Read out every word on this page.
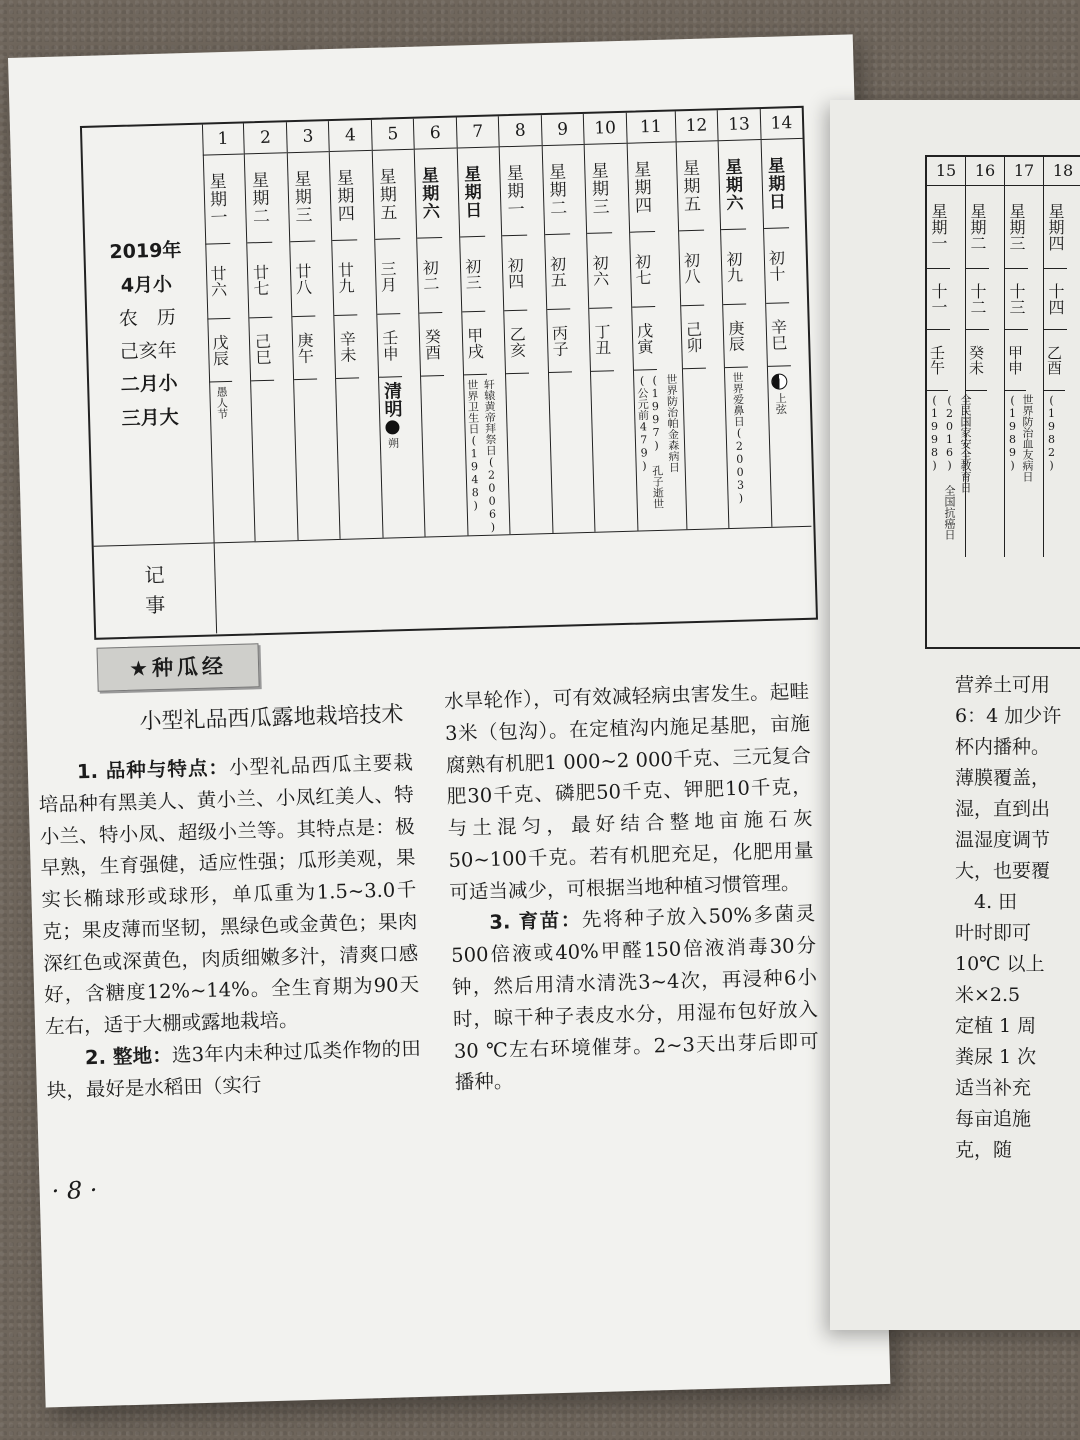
2019年
4月小
农　历
己亥年
二月小
三月大
1
星期一
廿六
戊辰
愚人节
2
星期二
廿七
己巳
3
星期三
廿八
庚午
4
星期四
廿九
辛未
5
星期五
三月
壬申
清明朔
6
星期六
初二
癸酉
7
星期日
初三
甲戌
轩辕黄帝拜祭日(2006) 世界卫生日(1948)
8
星期一
初四
乙亥
9
星期二
初五
丙子
10
星期三
初六
丁丑
11
星期四
初七
戊寅
世界防治帕金森病日(1997) 孔子逝世(公元前479)
12
星期五
初八
己卯
13
星期六
初九
庚辰
世界爱鼻日(2003)
14
星期日
初十
辛巳
上弦
记
事
★种瓜经
小型礼品西瓜露地栽培技术

1. 品种与特点：小型礼品西瓜主要栽培品种有黑美人、黄小兰、小凤红美人、特小兰、特小凤、超级小兰等。其特点是：极早熟，生育强健，适应性强；瓜形美观，果实长椭球形或球形，单瓜重为1.5~3.0千克；果皮薄而坚韧，黑绿色或金黄色；果肉深红色或深黄色，肉质细嫩多汁，清爽口感好，含糖度12%~14%。全生育期为90天左右，适于大棚或露地栽培。

2. 整地：选3年内未种过瓜类作物的田块，最好是水稻田（实行

水旱轮作），可有效减轻病虫害发生。起畦3米（包沟）。在定植沟内施足基肥，亩施腐熟有机肥1 000~2 000千克、三元复合肥30千克、磷肥50千克、钾肥10千克，与土混匀，最好结合整地亩施石灰50~100千克。若有机肥充足，化肥用量可适当减少，可根据当地种植习惯管理。

3. 育苗：先将种子放入50%多菌灵500倍液或40%甲醛150倍液消毒30分钟，然后用清水清洗3~4次，再浸种6小时，晾干种子表皮水分，用湿布包好放入30 ℃左右环境催芽。2~3天出芽后即可播种。

· 8 ·
15
星期一
十一
壬午
全民国家安全教育日(2016) 全国抗癌日(1998)
16
星期二
十二
癸未
17
星期三
十三
甲申
世界防治血友病日(1989)
18
星期四
十四
乙酉
(1982)
营养土可用
6：4 加少许
杯内播种。
薄膜覆盖，
湿，直到出
温湿度调节
大，也要覆
　4. 田
叶时即可
10℃ 以上
米×2.5
定植 1 周
粪尿 1 次
适当补充
每亩追施
克，随
